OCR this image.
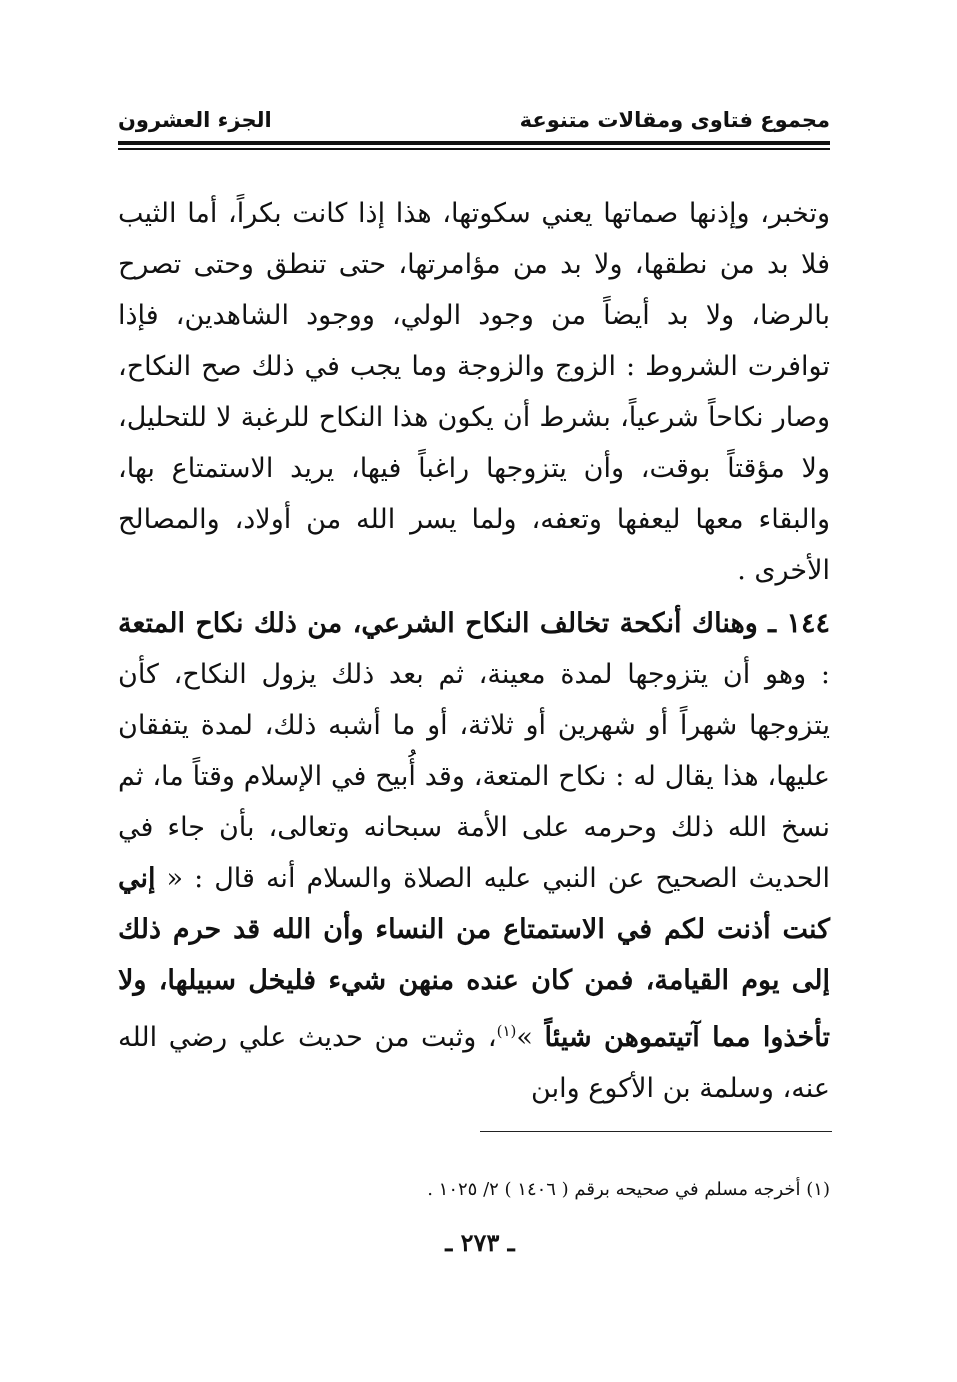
مجموع فتاوى ومقالات متنوعة
الجزء العشرون

وتخبر، وإذنها صماتها يعني سكوتها، هذا إذا كانت بكراً، أما الثيب فلا بد من نطقها، ولا بد من مؤامرتها، حتى تنطق وحتى تصرح بالرضا، ولا بد أيضاً من وجود الولي، ووجود الشاهدين، فإذا توافرت الشروط : الزوج والزوجة وما يجب في ذلك صح النكاح، وصار نكاحاً شرعياً، بشرط أن يكون هذا النكاح للرغبة لا للتحليل، ولا مؤقتاً بوقت، وأن يتزوجها راغباً فيها، يريد الاستمتاع بها، والبقاء معها ليعفها وتعفه، ولما يسر الله من أولاد، والمصالح الأخرى .

١٤٤ ـ وهناك أنكحة تخالف النكاح الشرعي، من ذلك نكاح المتعة : وهو أن يتزوجها لمدة معينة، ثم بعد ذلك يزول النكاح، كأن يتزوجها شهراً أو شهرين أو ثلاثة، أو ما أشبه ذلك، لمدة يتفقان عليها، هذا يقال له : نكاح المتعة، وقد أُبيح في الإسلام وقتاً ما، ثم نسخ الله ذلك وحرمه على الأمة سبحانه وتعالى، بأن جاء في الحديث الصحيح عن النبي عليه الصلاة والسلام أنه قال : « إني كنت أذنت لكم في الاستمتاع من النساء وأن الله قد حرم ذلك إلى يوم القيامة، فمن كان عنده منهن شيء فليخل سبيلها، ولا تأخذوا مما آتيتموهن شيئاً »$^{(١)}$، وثبت من حديث علي رضي الله عنه، وسلمة بن الأكوع وابن

(١) أخرجه مسلم في صحيحه برقم ( ١٤٠٦ ) ٢/ ١٠٢٥ .
ـ ٢٧٣ ـ
